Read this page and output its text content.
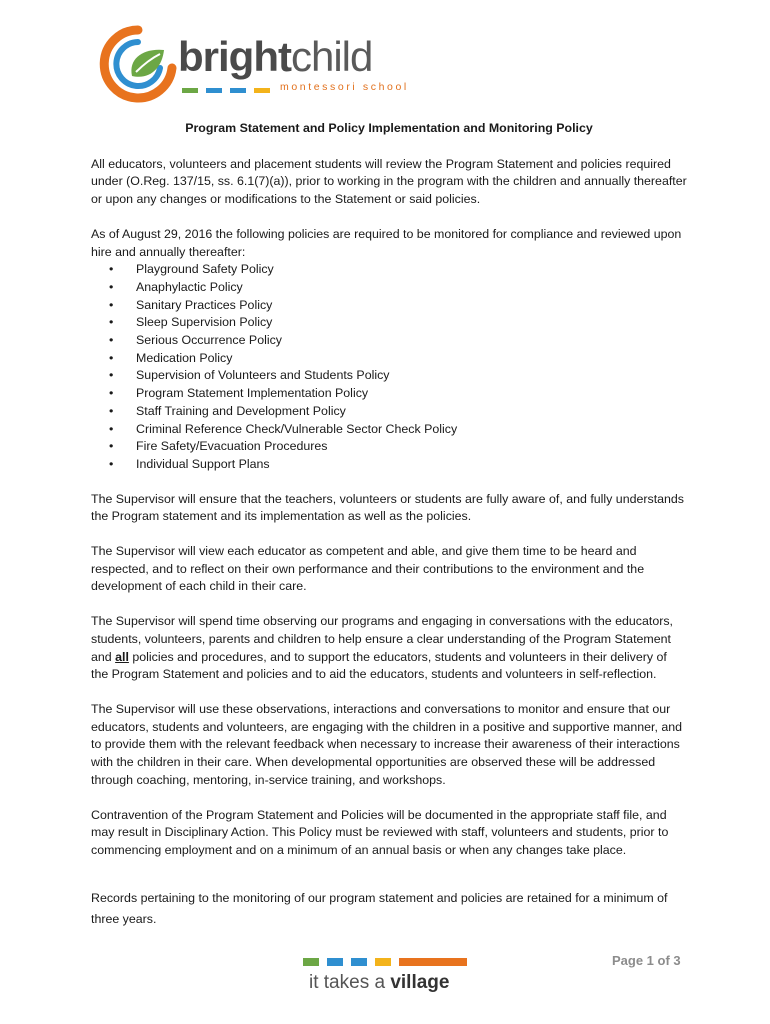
brightchild
montessori school
Program Statement and Policy Implementation and Monitoring Policy

All educators, volunteers and placement students will review the Program Statement and policies required under (O.Reg. 137/15, ss. 6.1(7)(a)), prior to working in the program with the children and annually thereafter or upon any changes or modifications to the Statement or said policies.

As of August 29, 2016 the following policies are required to be monitored for compliance and reviewed upon hire and annually thereafter:
• Playground Safety Policy
• Anaphylactic Policy
• Sanitary Practices Policy
• Sleep Supervision Policy
• Serious Occurrence Policy
• Medication Policy
• Supervision of Volunteers and Students Policy
• Program Statement Implementation Policy
• Staff Training and Development Policy
• Criminal Reference Check/Vulnerable Sector Check Policy
• Fire Safety/Evacuation Procedures
• Individual Support Plans

The Supervisor will ensure that the teachers, volunteers or students are fully aware of, and fully understands the Program statement and its implementation as well as the policies.

The Supervisor will view each educator as competent and able, and give them time to be heard and respected, and to reflect on their own performance and their contributions to the environment and the development of each child in their care.

The Supervisor will spend time observing our programs and engaging in conversations with the educators, students, volunteers, parents and children to help ensure a clear understanding of the Program Statement and all policies and procedures, and to support the educators, students and volunteers in their delivery of the Program Statement and policies and to aid the educators, students and volunteers in self-reflection.

The Supervisor will use these observations, interactions and conversations to monitor and ensure that our educators, students and volunteers, are engaging with the children in a positive and supportive manner, and to provide them with the relevant feedback when necessary to increase their awareness of their interactions with the children in their care. When developmental opportunities are observed these will be addressed through coaching, mentoring, in-service training, and workshops.

Contravention of the Program Statement and Policies will be documented in the appropriate staff file, and may result in Disciplinary Action. This Policy must be reviewed with staff, volunteers and students, prior to commencing employment and on a minimum of an annual basis or when any changes take place.

Records pertaining to the monitoring of our program statement and policies are retained for a minimum of three years.

Page 1 of 3
it takes a village
